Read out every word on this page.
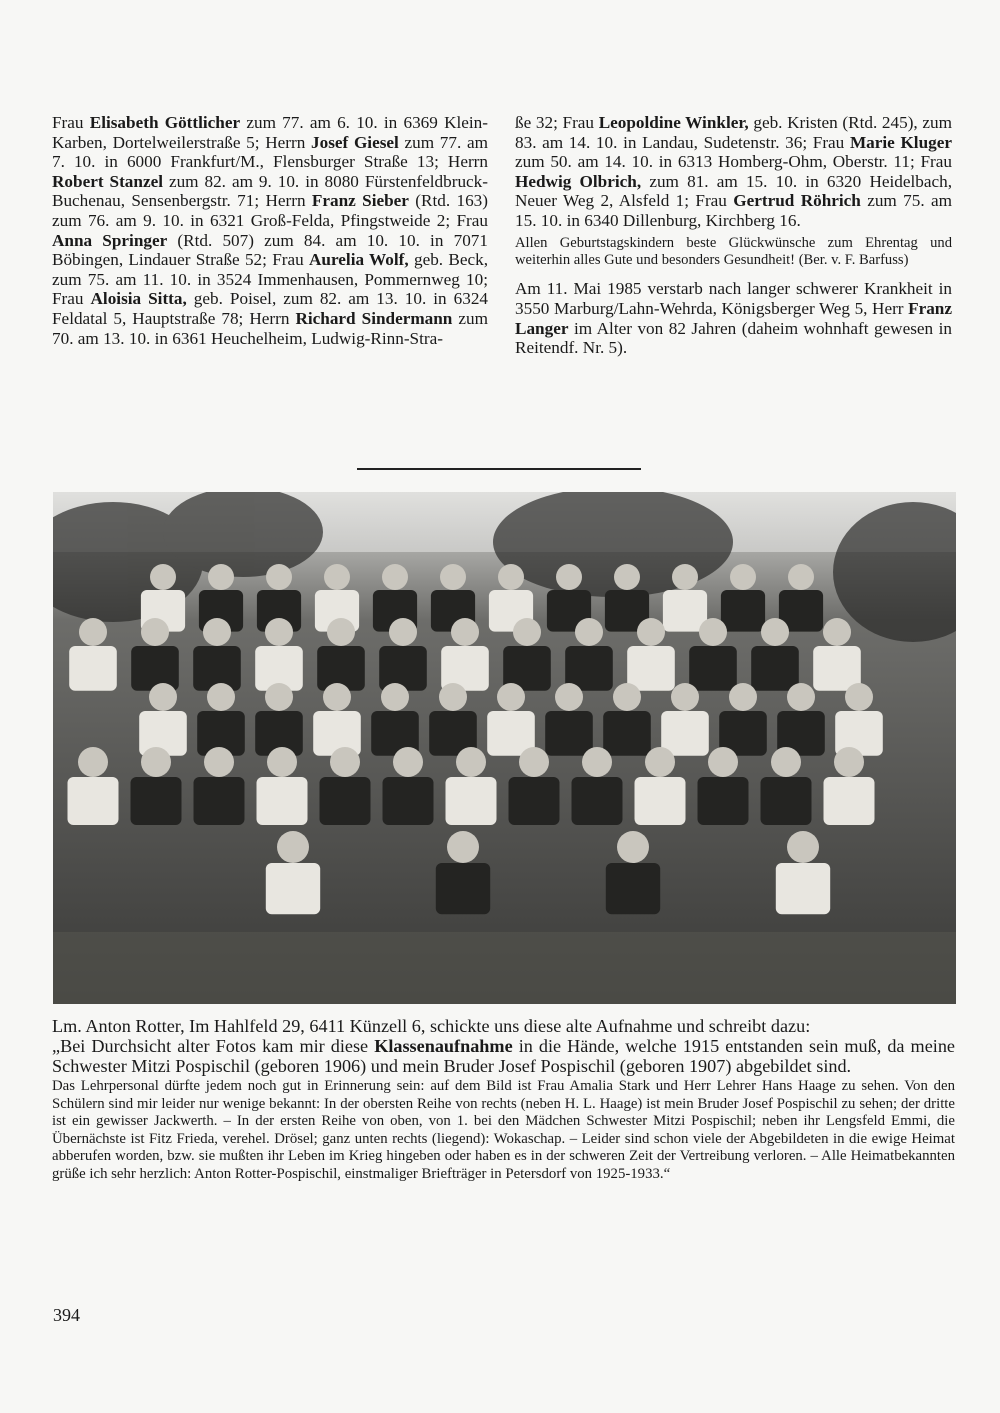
Frau Elisabeth Göttlicher zum 77. am 6. 10. in 6369 Klein-Karben, Dortelweilerstraße 5; Herrn Josef Giesel zum 77. am 7. 10. in 6000 Frankfurt/M., Flensburger Straße 13; Herrn Robert Stanzel zum 82. am 9. 10. in 8080 Fürstenfeldbruck-Buchenau, Sensenbergstr. 71; Herrn Franz Sieber (Rtd. 163) zum 76. am 9. 10. in 6321 Groß-Felda, Pfingstweide 2; Frau Anna Springer (Rtd. 507) zum 84. am 10. 10. in 7071 Böbingen, Lindauer Straße 52; Frau Aurelia Wolf, geb. Beck, zum 75. am 11. 10. in 3524 Immenhausen, Pommernweg 10; Frau Aloisia Sitta, geb. Poisel, zum 82. am 13. 10. in 6324 Feldatal 5, Hauptstraße 78; Herrn Richard Sindermann zum 70. am 13. 10. in 6361 Heuchelheim, Ludwig-Rinn-Stra-

ße 32; Frau Leopoldine Winkler, geb. Kristen (Rtd. 245), zum 83. am 14. 10. in Landau, Sudetenstr. 36; Frau Marie Kluger zum 50. am 14. 10. in 6313 Homberg-Ohm, Oberstr. 11; Frau Hedwig Olbrich, zum 81. am 15. 10. in 6320 Heidelbach, Neuer Weg 2, Alsfeld 1; Frau Gertrud Röhrich zum 75. am 15. 10. in 6340 Dillenburg, Kirchberg 16.

Allen Geburtstagskindern beste Glückwünsche zum Ehrentag und weiterhin alles Gute und besonders Gesundheit! (Ber. v. F. Barfuss)

Am 11. Mai 1985 verstarb nach langer schwerer Krankheit in 3550 Marburg/Lahn-Wehrda, Königsberger Weg 5, Herr Franz Langer im Alter von 82 Jahren (daheim wohnhaft gewesen in Reitendf. Nr. 5).

Lm. Anton Rotter, Im Hahlfeld 29, 6411 Künzell 6, schickte uns diese alte Aufnahme und schreibt dazu:

„Bei Durchsicht alter Fotos kam mir diese Klassenaufnahme in die Hände, welche 1915 entstanden sein muß, da meine Schwester Mitzi Pospischil (geboren 1906) und mein Bruder Josef Pospischil (geboren 1907) abgebildet sind.

Das Lehrpersonal dürfte jedem noch gut in Erinnerung sein: auf dem Bild ist Frau Amalia Stark und Herr Lehrer Hans Haage zu sehen. Von den Schülern sind mir leider nur wenige bekannt: In der obersten Reihe von rechts (neben H. L. Haage) ist mein Bruder Josef Pospischil zu sehen; der dritte ist ein gewisser Jackwerth. – In der ersten Reihe von oben, von 1. bei den Mädchen Schwester Mitzi Pospischil; neben ihr Lengsfeld Emmi, die Übernächste ist Fitz Frieda, verehel. Drösel; ganz unten rechts (liegend): Wokaschap. – Leider sind schon viele der Abgebildeten in die ewige Heimat abberufen worden, bzw. sie mußten ihr Leben im Krieg hingeben oder haben es in der schweren Zeit der Vertreibung verloren. – Alle Heimatbekannten grüße ich sehr herzlich: Anton Rotter-Pospischil, einstmaliger Briefträger in Petersdorf von 1925-1933.“

394
